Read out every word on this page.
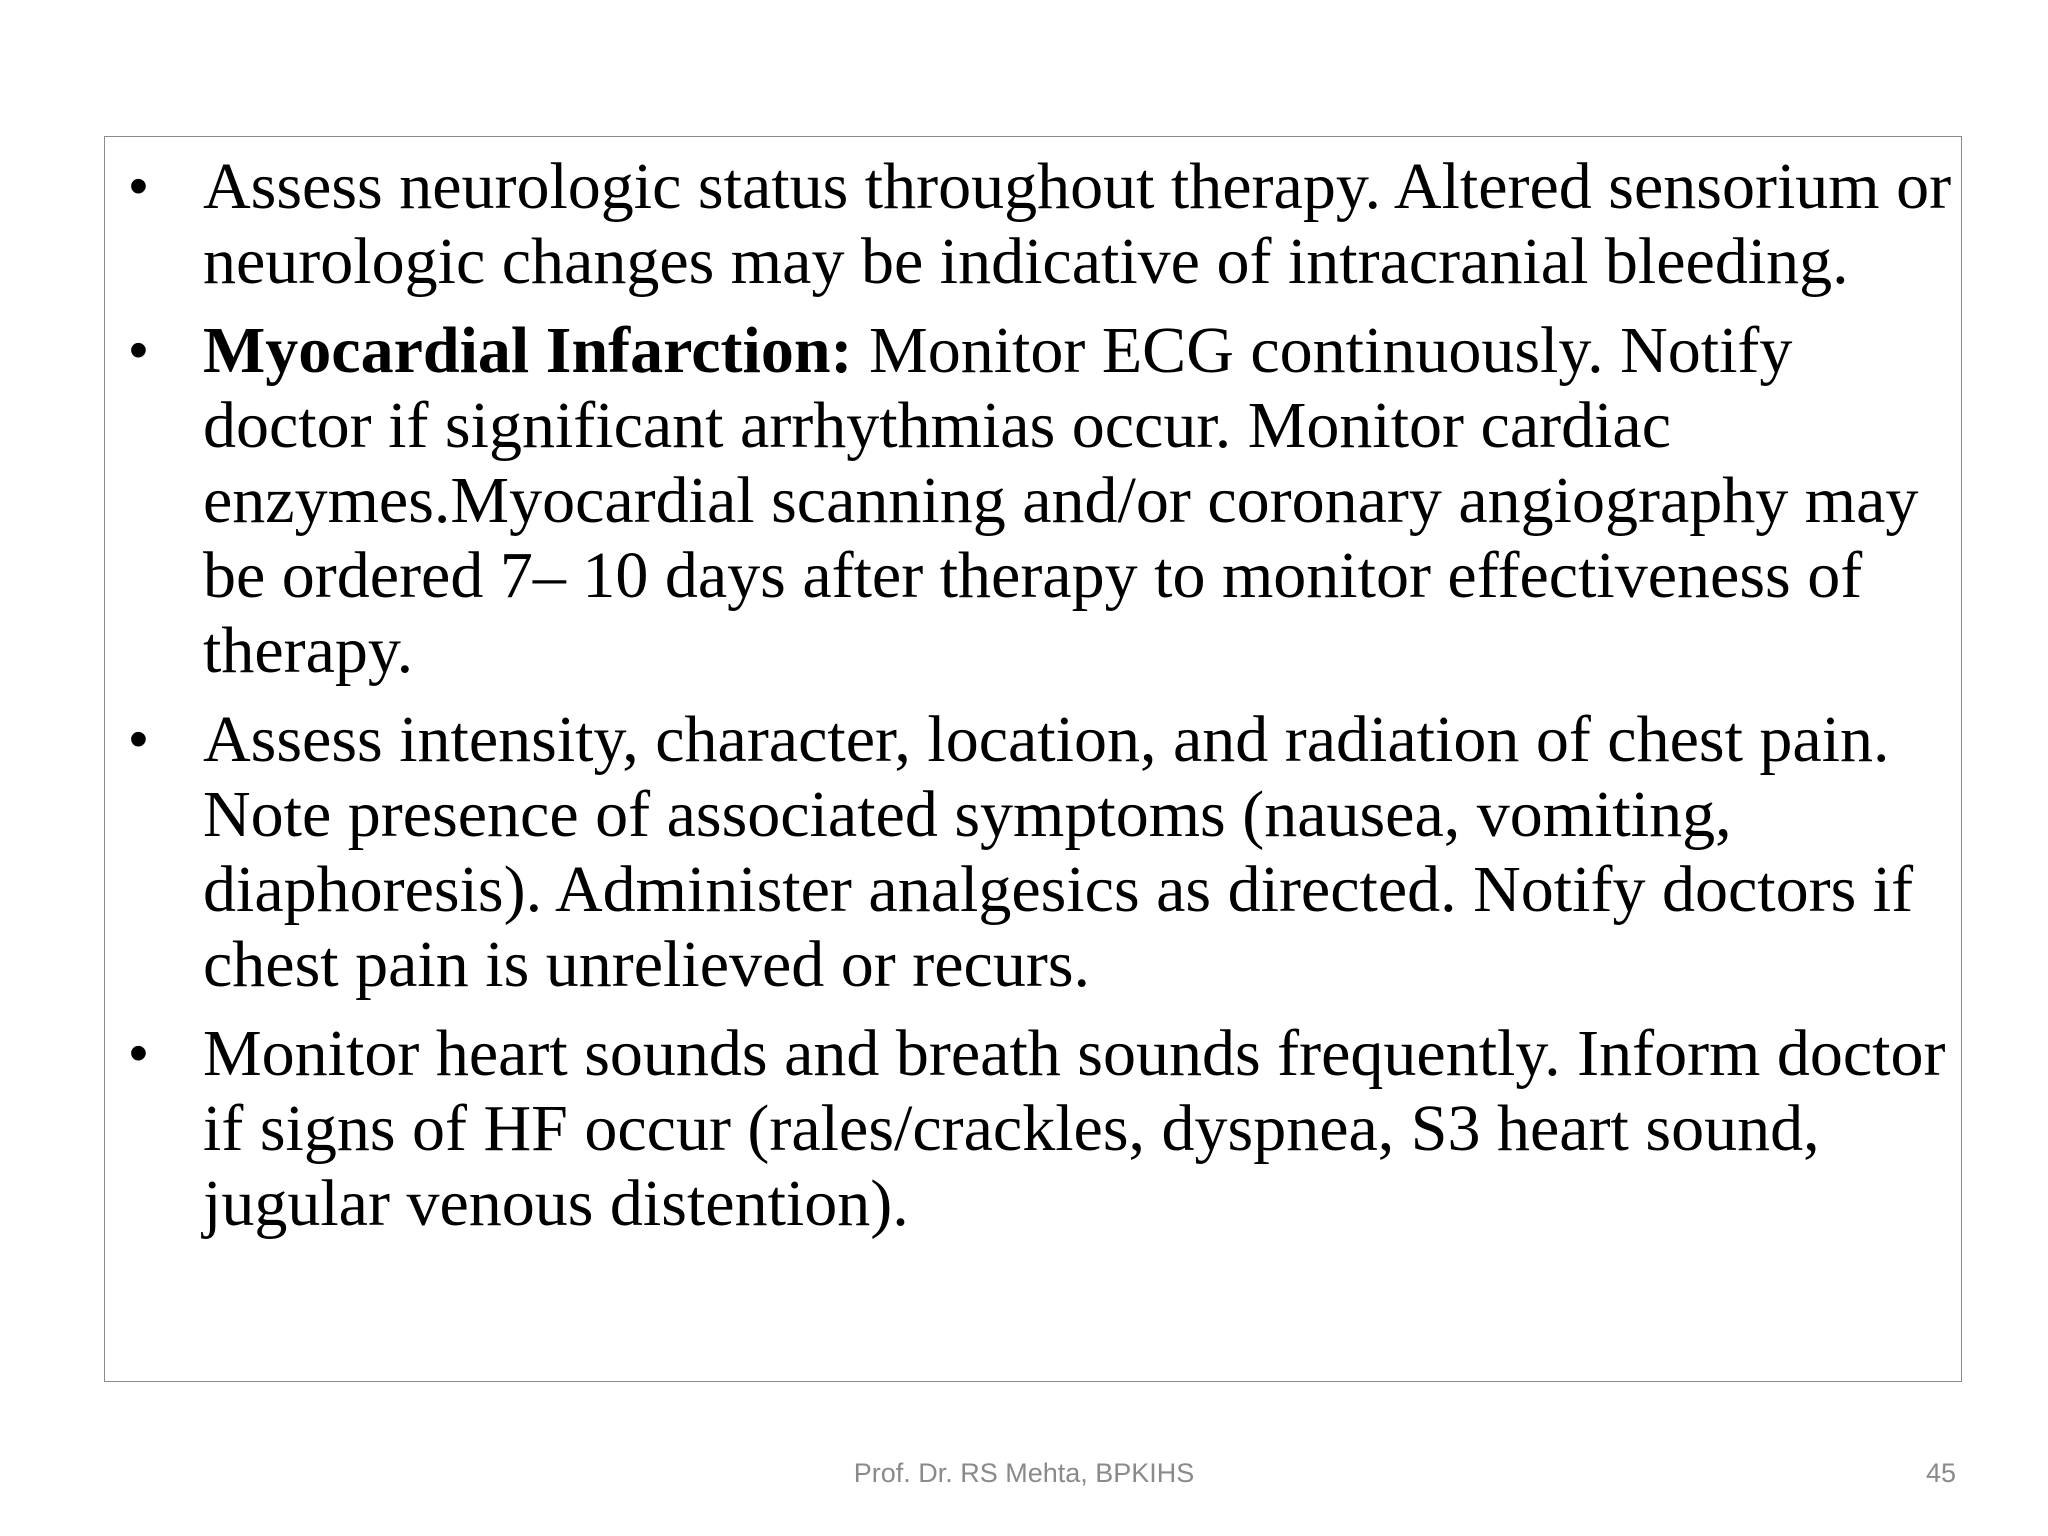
• Assess neurologic status throughout therapy. Altered sensorium or neurologic changes may be indicative of intracranial bleeding.
• Myocardial Infarction: Monitor ECG continuously. Notify doctor if significant arrhythmias occur. Monitor cardiac enzymes.Myocardial scanning and/or coronary angiography may be ordered 7– 10 days after therapy to monitor effectiveness of therapy.
• Assess intensity, character, location, and radiation of chest pain. Note presence of associated symptoms (nausea, vomiting, diaphoresis). Administer analgesics as directed. Notify doctors if chest pain is unrelieved or recurs.
• Monitor heart sounds and breath sounds frequently. Inform doctor if signs of HF occur (rales/crackles, dyspnea, S3 heart sound, jugular venous distention).
Prof. Dr. RS Mehta, BPKIHS	45
